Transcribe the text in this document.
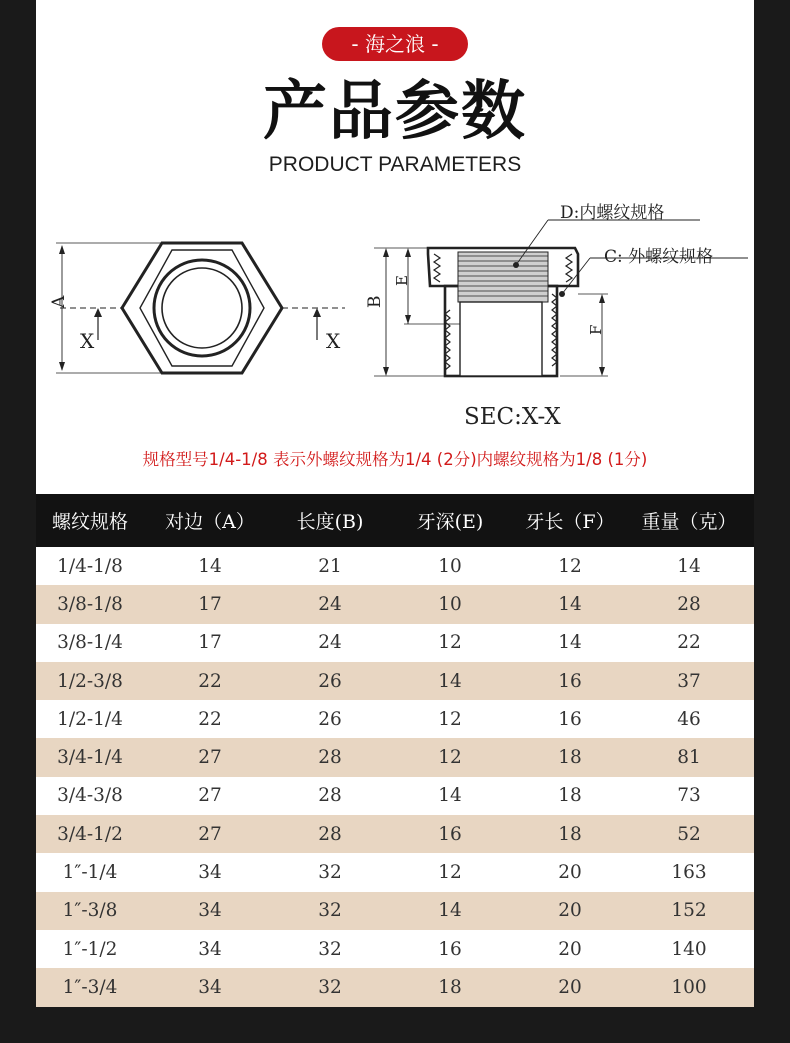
- 海之浪 -
产品参数
PRODUCT PARAMETERS
D:内螺纹规格
C: 外螺纹规格
A
X	X
B
E
F
SEC:X-X
规格型号1/4-1/8 表示外螺纹规格为1/4 (2分)内螺纹规格为1/8 (1分)
螺纹规格	对边（A）	长度(B)	牙深(E)	牙长（F）	重量（克）
1/4-1/8	14	21	10	12	14
3/8-1/8	17	24	10	14	28
3/8-1/4	17	24	12	14	22
1/2-3/8	22	26	14	16	37
1/2-1/4	22	26	12	16	46
3/4-1/4	27	28	12	18	81
3/4-3/8	27	28	14	18	73
3/4-1/2	27	28	16	18	52
1″-1/4	34	32	12	20	163
1″-3/8	34	32	14	20	152
1″-1/2	34	32	16	20	140
1″-3/4	34	32	18	20	100
